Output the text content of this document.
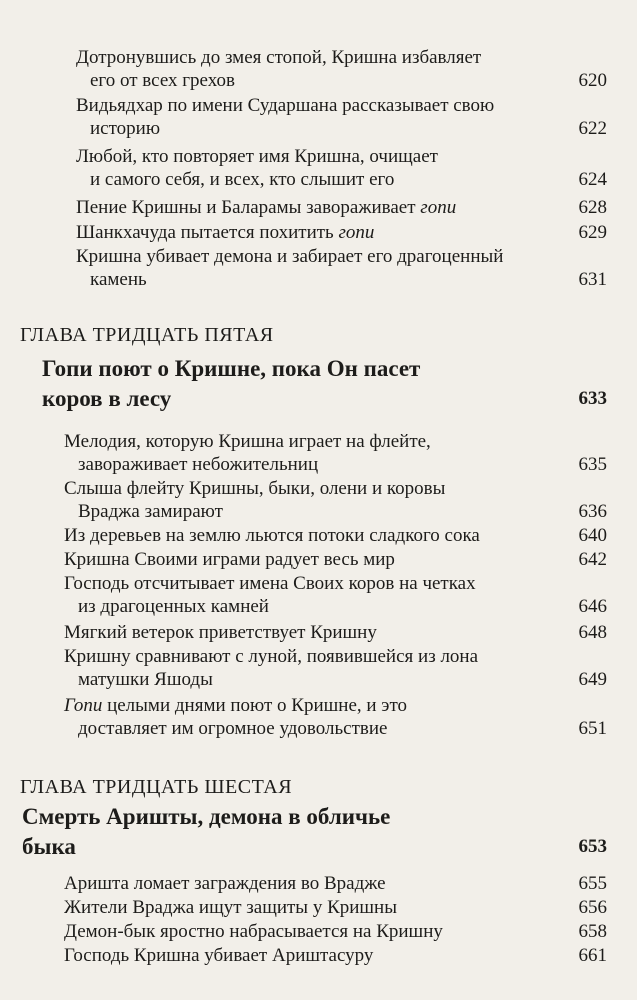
Дотронувшись до змея стопой, Кришна избавляет
его от всех грехов	620
Видьядхар по имени Сударшана рассказывает свою
историю	622
Любой, кто повторяет имя Кришна, очищает
и самого себя, и всех, кто слышит его	624
Пение Кришны и Баларамы завораживает гопи	628
Шанкхачуда пытается похитить гопи	629
Кришна убивает демона и забирает его драгоценный
камень	631
ГЛАВА ТРИДЦАТЬ ПЯТАЯ
Гопи поют о Кришне, пока Он пасет
коров в лесу	633
Мелодия, которую Кришна играет на флейте,
завораживает небожительниц	635
Слыша флейту Кришны, быки, олени и коровы
Враджа замирают	636
Из деревьев на землю льются потоки сладкого сока	640
Кришна Своими играми радует весь мир	642
Господь отсчитывает имена Своих коров на четках
из драгоценных камней	646
Мягкий ветерок приветствует Кришну	648
Кришну сравнивают с луной, появившейся из лона
матушки Яшоды	649
Гопи целыми днями поют о Кришне, и это
доставляет им огромное удовольствие	651
ГЛАВА ТРИДЦАТЬ ШЕСТАЯ
Смерть Аришты, демона в обличье
быка	653
Аришта ломает заграждения во Врадже	655
Жители Враджа ищут защиты у Кришны	656
Демон-бык яростно набрасывается на Кришну	658
Господь Кришна убивает Ариштасуру	661
